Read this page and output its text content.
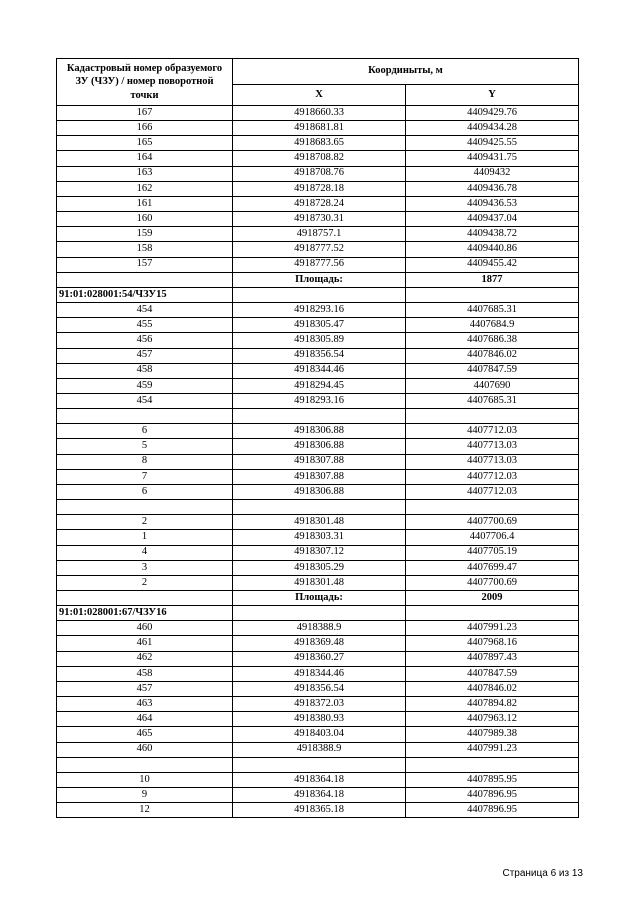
Кадастровый номер образуемого ЗУ (ЧЗУ) / номер поворотной точки	Координыты, м	
	X	Y
167	4918660.33	4409429.76
166	4918681.81	4409434.28
165	4918683.65	4409425.55
164	4918708.82	4409431.75
163	4918708.76	4409432
162	4918728.18	4409436.78
161	4918728.24	4409436.53
160	4918730.31	4409437.04
159	4918757.1	4409438.72
158	4918777.52	4409440.86
157	4918777.56	4409455.42
	Площадь:	1877
91:01:028001:54/ЧЗУ15		
454	4918293.16	4407685.31
455	4918305.47	4407684.9
456	4918305.89	4407686.38
457	4918356.54	4407846.02
458	4918344.46	4407847.59
459	4918294.45	4407690
454	4918293.16	4407685.31

6	4918306.88	4407712.03
5	4918306.88	4407713.03
8	4918307.88	4407713.03
7	4918307.88	4407712.03
6	4918306.88	4407712.03

2	4918301.48	4407700.69
1	4918303.31	4407706.4
4	4918307.12	4407705.19
3	4918305.29	4407699.47
2	4918301.48	4407700.69
	Площадь:	2009
91:01:028001:67/ЧЗУ16		
460	4918388.9	4407991.23
461	4918369.48	4407968.16
462	4918360.27	4407897.43
458	4918344.46	4407847.59
457	4918356.54	4407846.02
463	4918372.03	4407894.82
464	4918380.93	4407963.12
465	4918403.04	4407989.38
460	4918388.9	4407991.23

10	4918364.18	4407895.95
9	4918364.18	4407896.95
12	4918365.18	4407896.95
Страница 6 из 13
